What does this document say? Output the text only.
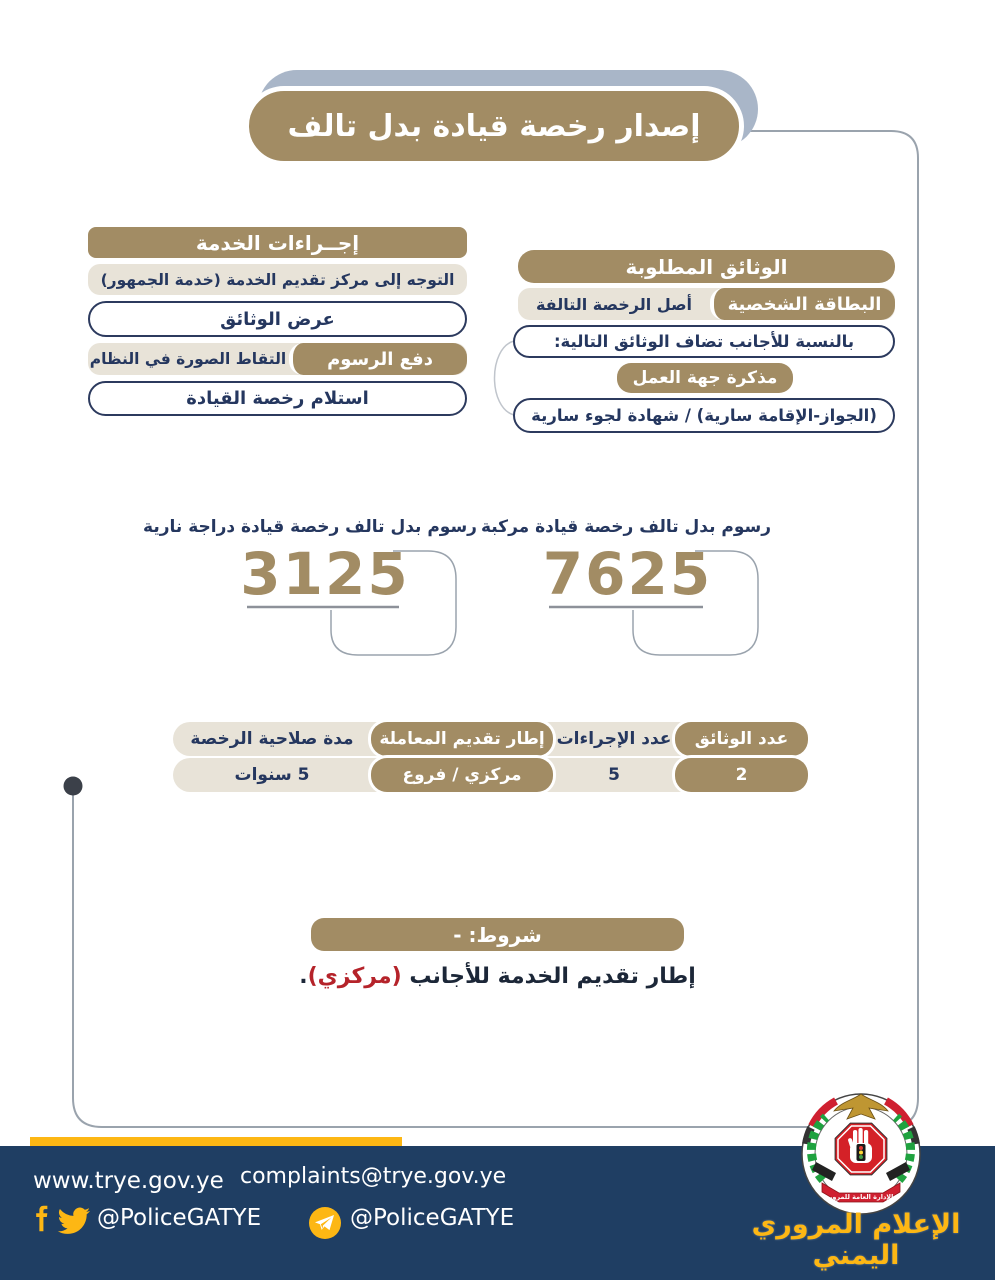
إصدار رخصة قيادة بدل تالف
إجــراءات الخدمة
التوجه إلى مركز تقديم الخدمة (خدمة الجمهور)
عرض الوثائق
دفع الرسوم
التقاط الصورة في النظام
استلام رخصة القيادة
الوثائق المطلوبة
البطاقة الشخصية
أصل الرخصة التالفة
بالنسبة للأجانب تضاف الوثائق التالية:
مذكرة جهة العمل
(الجواز-الإقامة سارية) / شهادة لجوء سارية
رسوم بدل تالف رخصة قيادة مركبة
7625
رسوم بدل تالف رخصة قيادة دراجة نارية
3125
عدد الوثائق
عدد الإجراءات
إطار تقديم المعاملة
مدة صلاحية الرخصة
2
5
مركزي / فروع
5 سنوات
شروط: -
إطار تقديم الخدمة للأجانب (مركزي).
www.trye.gov.ye complaints@trye.gov.ye
@PoliceGATYE	@PoliceGATYE
الإدارة العامة للمرور
الإعلام المروري اليمني
